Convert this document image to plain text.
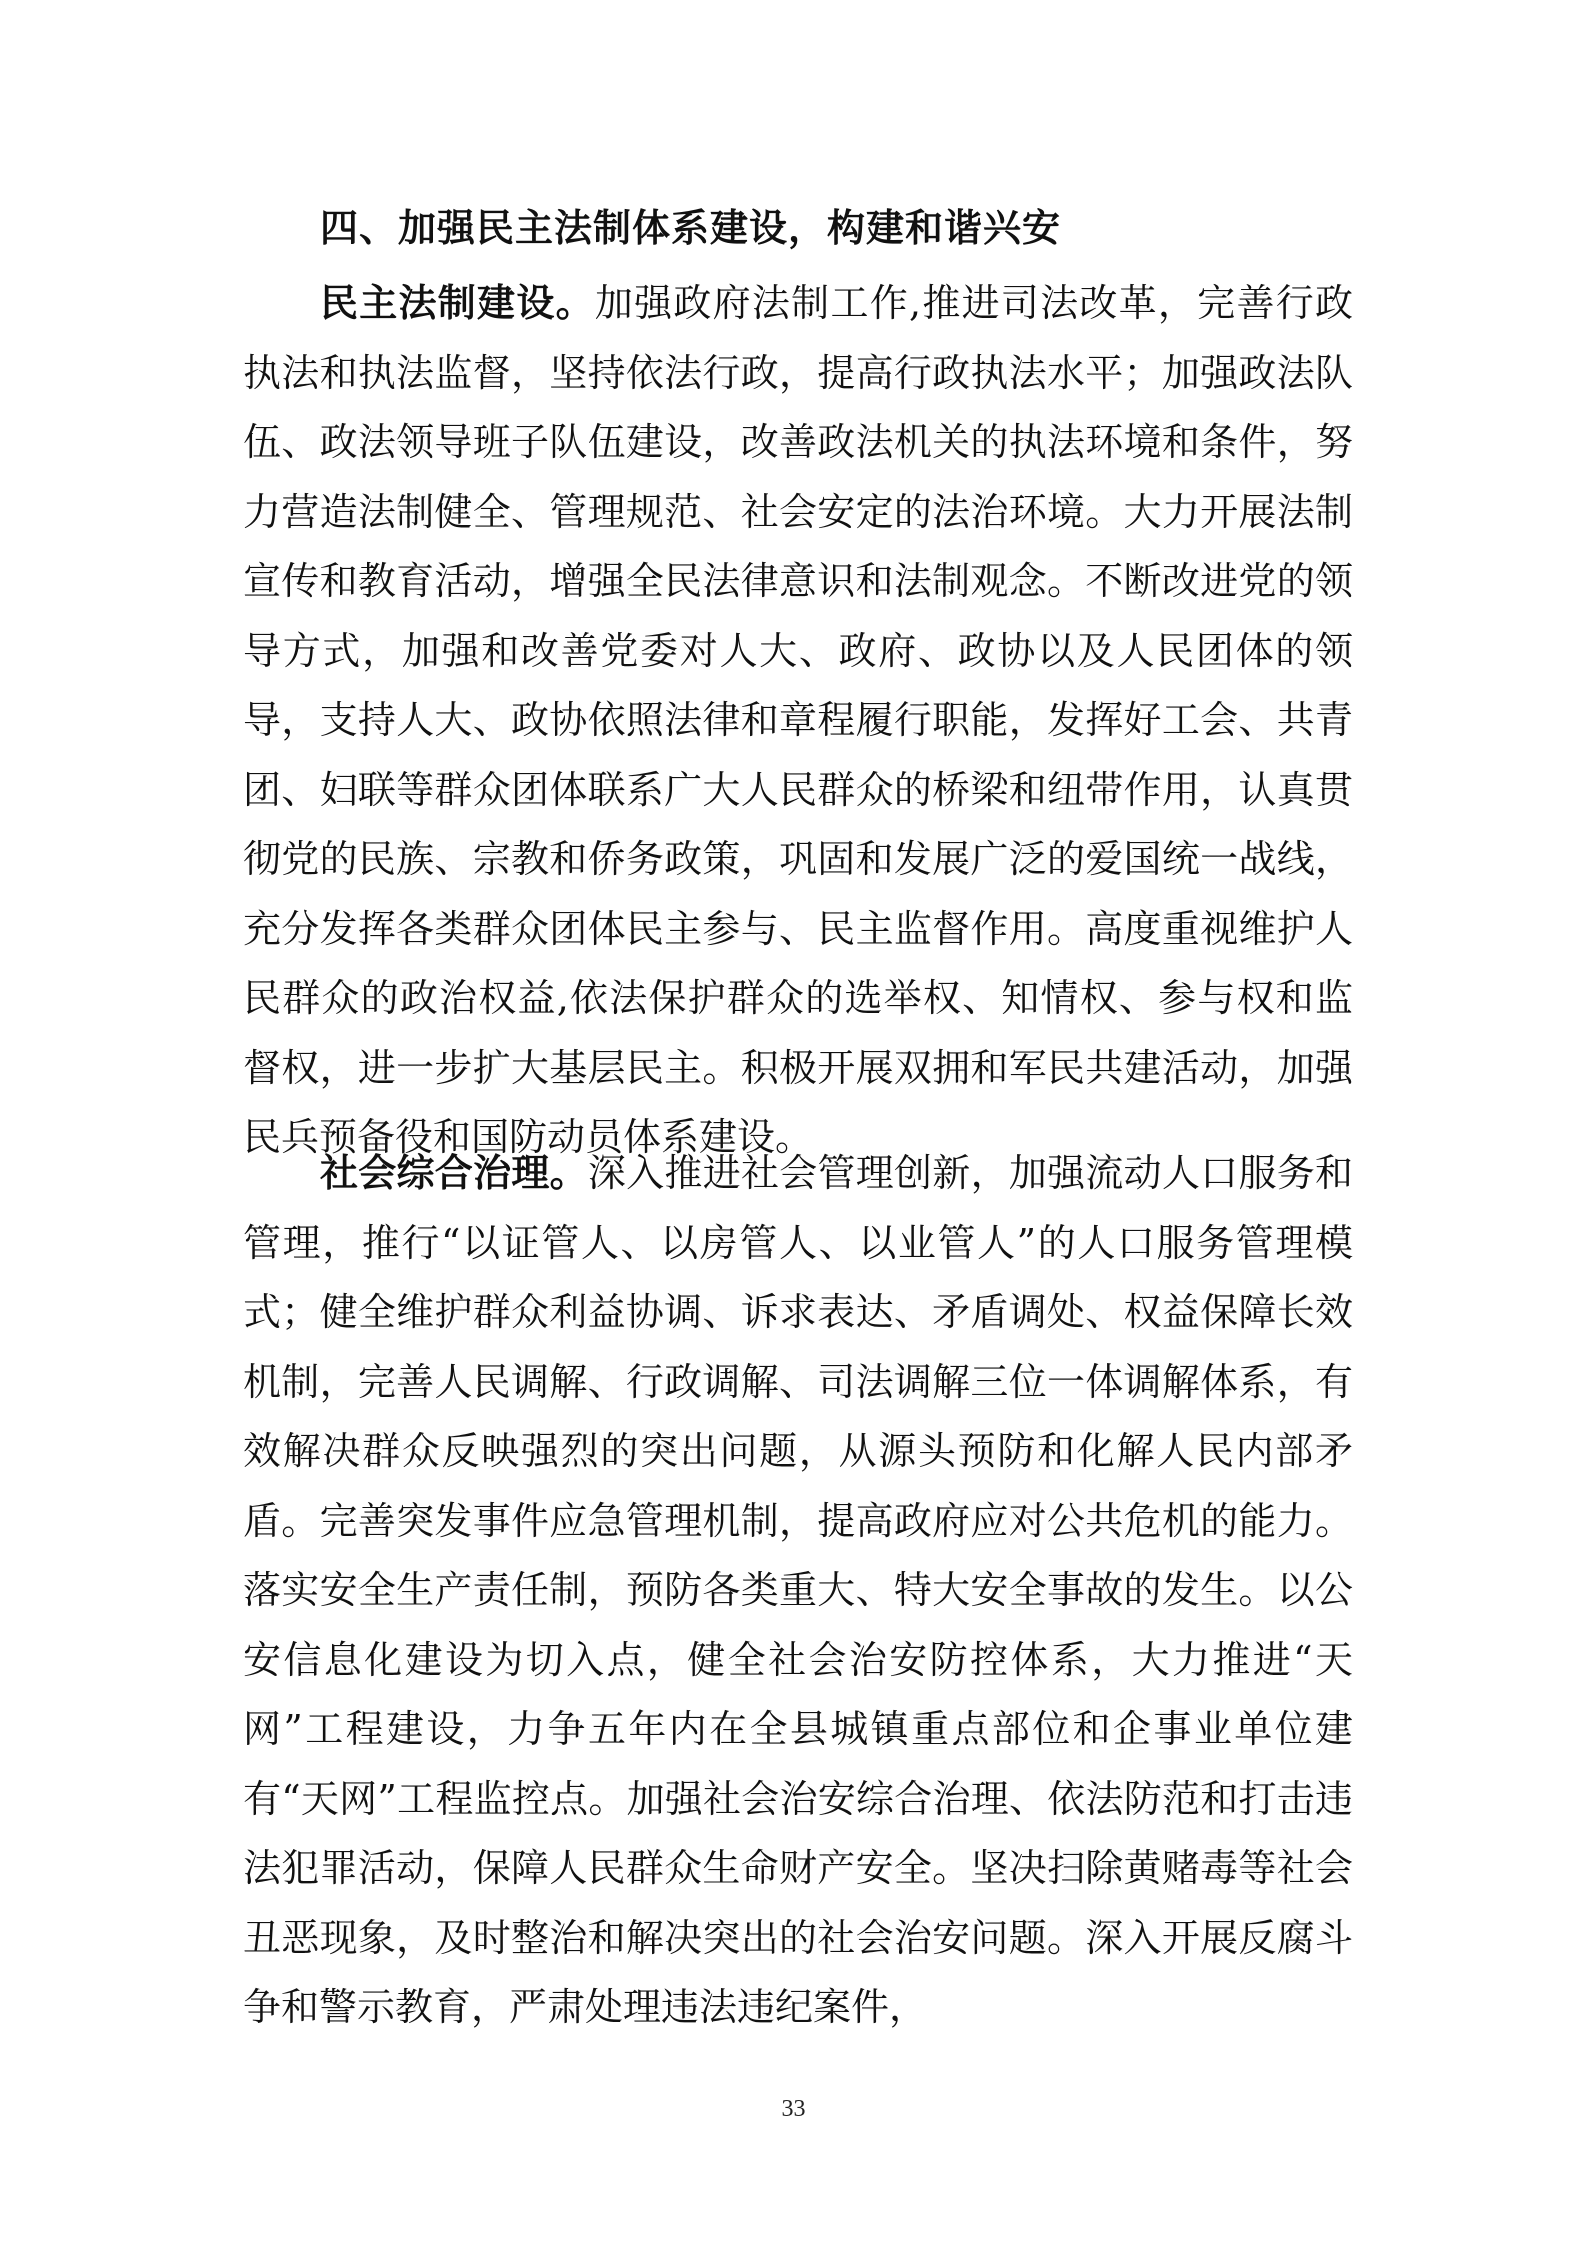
四、加强民主法制体系建设，构建和谐兴安

民主法制建设。加强政府法制工作,推进司法改革，完善行政执法和执法监督，坚持依法行政，提高行政执法水平；加强政法队伍、政法领导班子队伍建设，改善政法机关的执法环境和条件，努力营造法制健全、管理规范、社会安定的法治环境。大力开展法制宣传和教育活动，增强全民法律意识和法制观念。不断改进党的领导方式，加强和改善党委对人大、政府、政协以及人民团体的领导，支持人大、政协依照法律和章程履行职能，发挥好工会、共青团、妇联等群众团体联系广大人民群众的桥梁和纽带作用，认真贯彻党的民族、宗教和侨务政策，巩固和发展广泛的爱国统一战线，充分发挥各类群众团体民主参与、民主监督作用。高度重视维护人民群众的政治权益,依法保护群众的选举权、知情权、参与权和监督权，进一步扩大基层民主。积极开展双拥和军民共建活动，加强民兵预备役和国防动员体系建设。

社会综合治理。深入推进社会管理创新，加强流动人口服务和管理，推行“以证管人、以房管人、以业管人”的人口服务管理模式；健全维护群众利益协调、诉求表达、矛盾调处、权益保障长效机制，完善人民调解、行政调解、司法调解三位一体调解体系，有效解决群众反映强烈的突出问题，从源头预防和化解人民内部矛盾。完善突发事件应急管理机制，提高政府应对公共危机的能力。落实安全生产责任制，预防各类重大、特大安全事故的发生。以公安信息化建设为切入点，健全社会治安防控体系，大力推进“天网”工程建设，力争五年内在全县城镇重点部位和企事业单位建有“天网”工程监控点。加强社会治安综合治理、依法防范和打击违法犯罪活动，保障人民群众生命财产安全。坚决扫除黄赌毒等社会丑恶现象，及时整治和解决突出的社会治安问题。深入开展反腐斗争和警示教育，严肃处理违法违纪案件，

33
